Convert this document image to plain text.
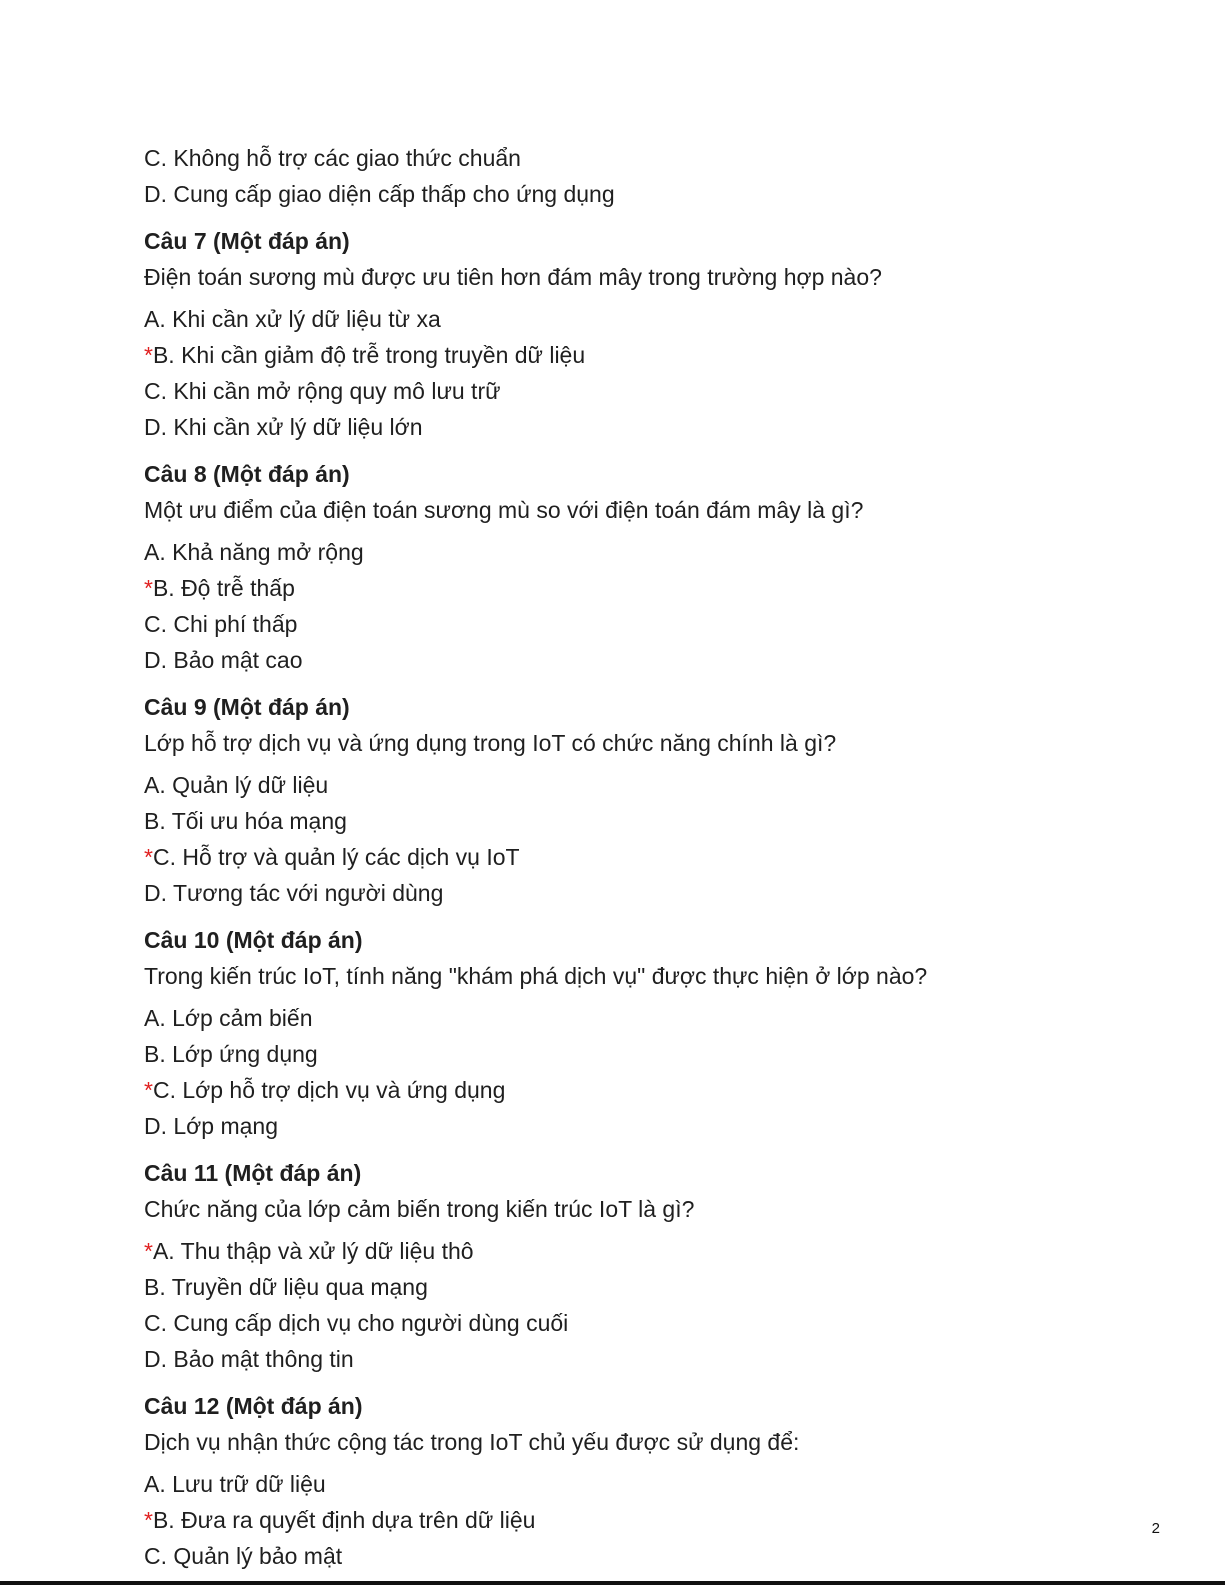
C. Không hỗ trợ các giao thức chuẩn
D. Cung cấp giao diện cấp thấp cho ứng dụng
Câu 7 (Một đáp án)
Điện toán sương mù được ưu tiên hơn đám mây trong trường hợp nào?
A. Khi cần xử lý dữ liệu từ xa
*B. Khi cần giảm độ trễ trong truyền dữ liệu
C. Khi cần mở rộng quy mô lưu trữ
D. Khi cần xử lý dữ liệu lớn
Câu 8 (Một đáp án)
Một ưu điểm của điện toán sương mù so với điện toán đám mây là gì?
A. Khả năng mở rộng
*B. Độ trễ thấp
C. Chi phí thấp
D. Bảo mật cao
Câu 9 (Một đáp án)
Lớp hỗ trợ dịch vụ và ứng dụng trong IoT có chức năng chính là gì?
A. Quản lý dữ liệu
B. Tối ưu hóa mạng
*C. Hỗ trợ và quản lý các dịch vụ IoT
D. Tương tác với người dùng
Câu 10 (Một đáp án)
Trong kiến trúc IoT, tính năng "khám phá dịch vụ" được thực hiện ở lớp nào?
A. Lớp cảm biến
B. Lớp ứng dụng
*C. Lớp hỗ trợ dịch vụ và ứng dụng
D. Lớp mạng
Câu 11 (Một đáp án)
Chức năng của lớp cảm biến trong kiến trúc IoT là gì?
*A. Thu thập và xử lý dữ liệu thô
B. Truyền dữ liệu qua mạng
C. Cung cấp dịch vụ cho người dùng cuối
D. Bảo mật thông tin
Câu 12 (Một đáp án)
Dịch vụ nhận thức cộng tác trong IoT chủ yếu được sử dụng để:
A. Lưu trữ dữ liệu
*B. Đưa ra quyết định dựa trên dữ liệu
C. Quản lý bảo mật
2
